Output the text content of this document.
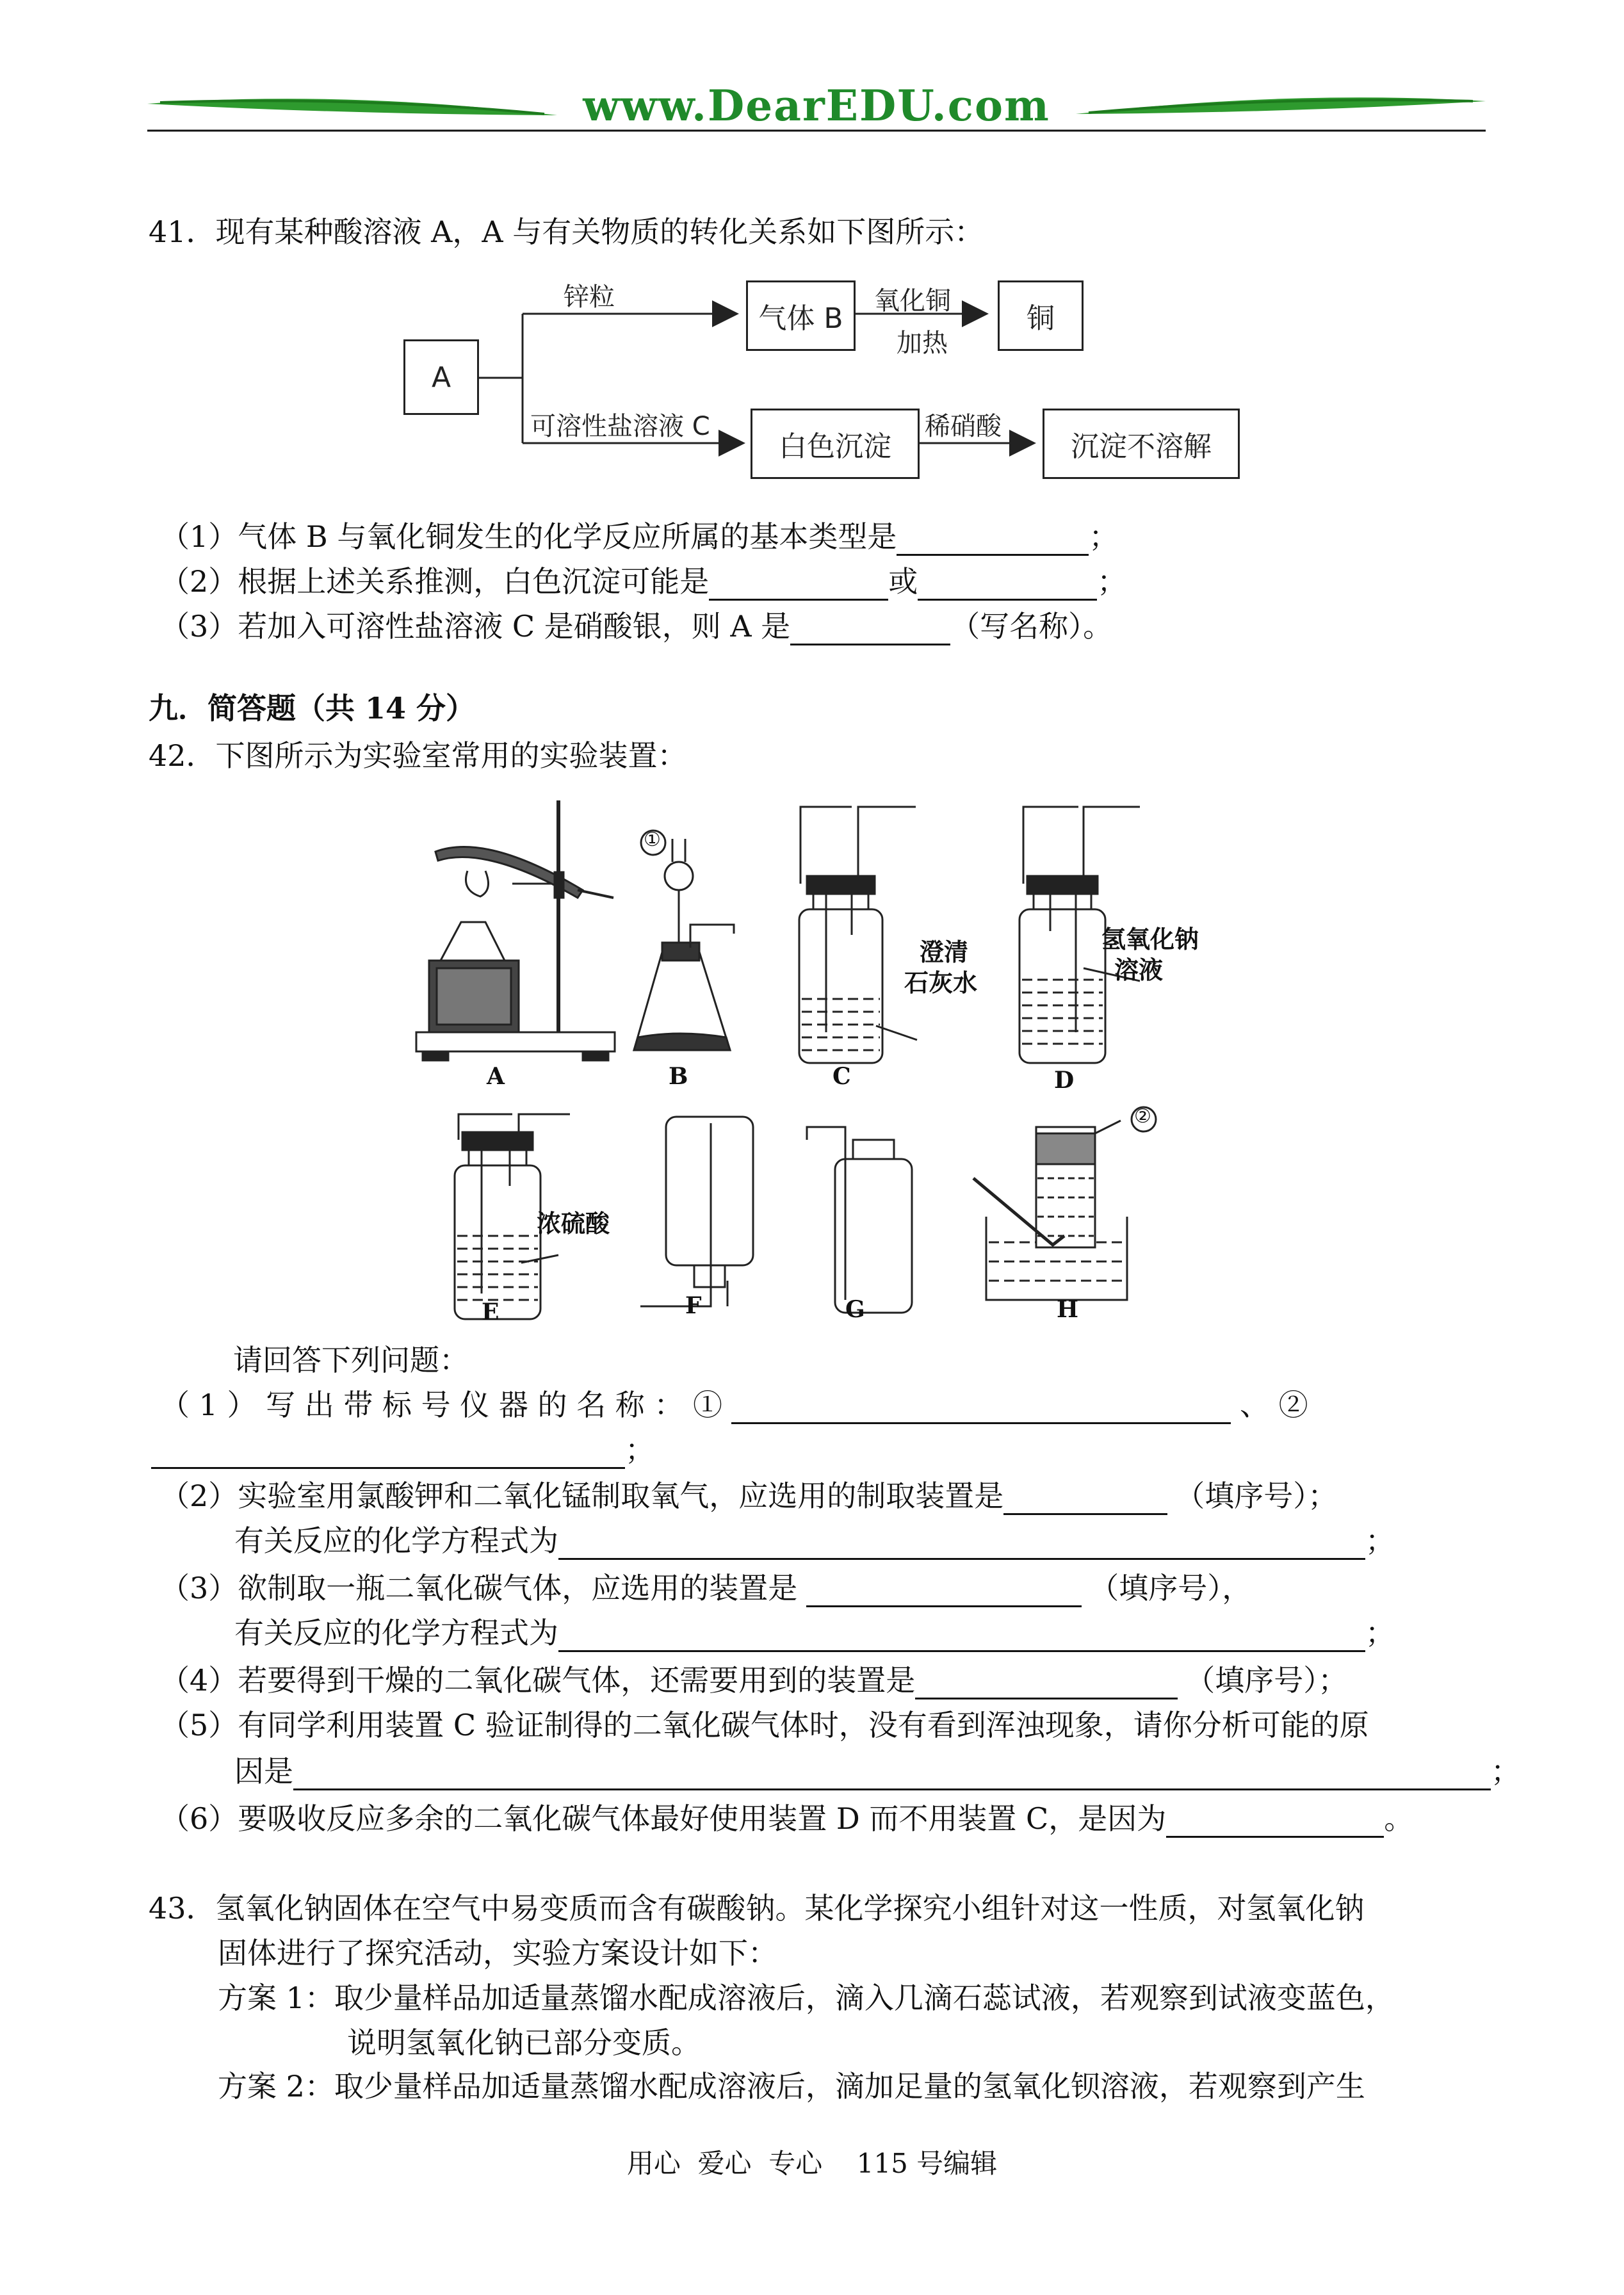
www.DearEDU.com
41．现有某种酸溶液 A，A 与有关物质的转化关系如下图所示：
A
锌粒
气体 B
氧化铜
加热
铜
可溶性盐溶液 C
白色沉淀
稀硝酸
沉淀不溶解
（1）气体 B 与氧化铜发生的化学反应所属的基本类型是	；
（2）根据上述关系推测，白色沉淀可能是	或	；
（3）若加入可溶性盐溶液 C 是硝酸银，则 A 是	（写名称）。
九．简答题（共 14 分）
42．下图所示为实验室常用的实验装置：
A	B	C	D
E	F	G	H
①
②
澄清
石灰水
氢氧化钠
溶液
浓硫酸
请回答下列问题：
（ 1 ） 写 出 带 标 号 仪 器 的 名 称 ： ①	、 ②
；
（2）实验室用氯酸钾和二氧化锰制取氧气，应选用的制取装置是	（填序号）；
有关反应的化学方程式为	；
（3）欲制取一瓶二氧化碳气体，应选用的装置是	（填序号），
有关反应的化学方程式为	；
（4）若要得到干燥的二氧化碳气体，还需要用到的装置是	（填序号）；
（5）有同学利用装置 C 验证制得的二氧化碳气体时，没有看到浑浊现象，请你分析可能的原
因是	；
（6）要吸收反应多余的二氧化碳气体最好使用装置 D 而不用装置 C，是因为	。
43．氢氧化钠固体在空气中易变质而含有碳酸钠。某化学探究小组针对这一性质，对氢氧化钠
固体进行了探究活动，实验方案设计如下：
方案 1：取少量样品加适量蒸馏水配成溶液后，滴入几滴石蕊试液，若观察到试液变蓝色，
说明氢氧化钠已部分变质。
方案 2：取少量样品加适量蒸馏水配成溶液后，滴加足量的氢氧化钡溶液，若观察到产生
用心  爱心  专心    115 号编辑
